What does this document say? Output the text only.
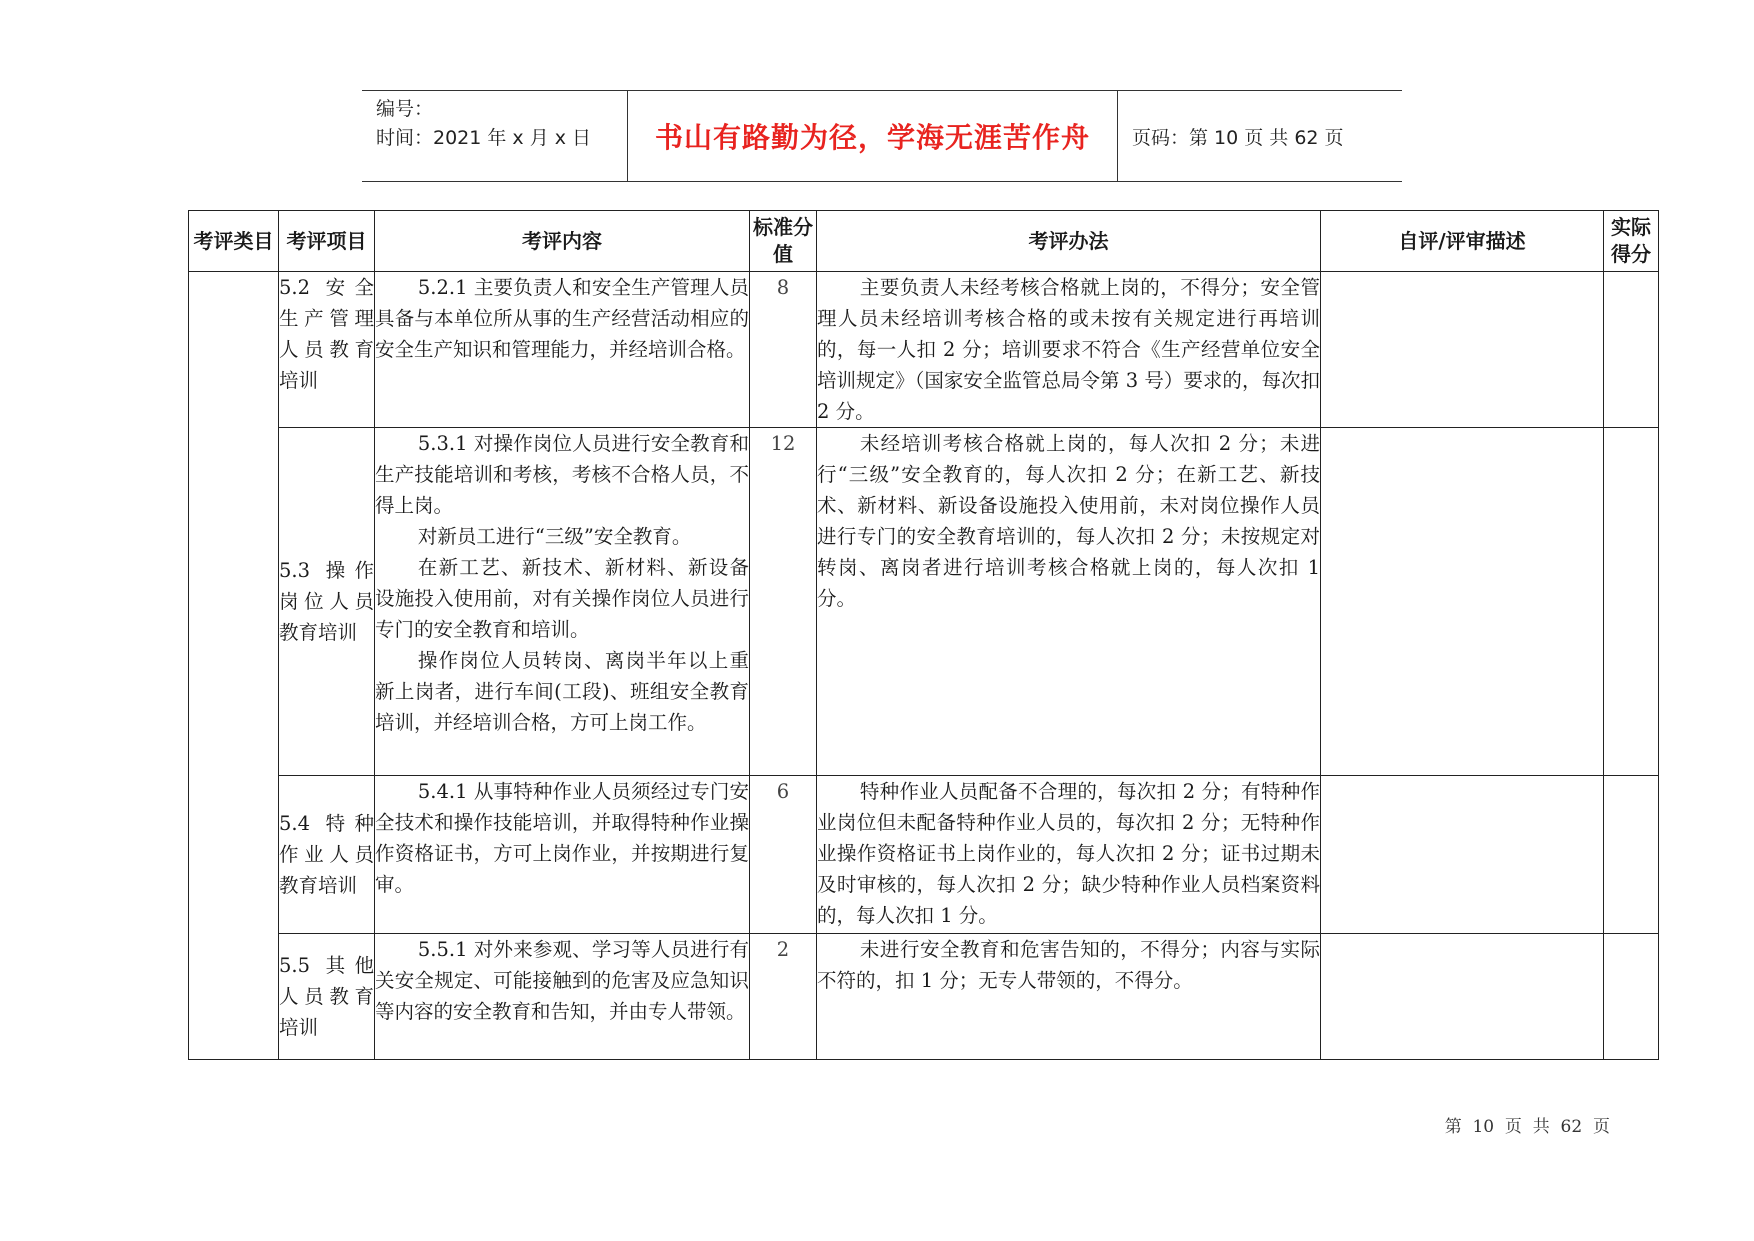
编号：
时间：2021 年 x 月 x 日	书山有路勤为径，学海无涯苦作舟	页码：第 10 页 共 62 页
考评类目	考评项目	考评内容	标准分值	考评办法	自评/评审描述	实际得分
	5.2 安全生产管理人员教育培训	5.2.1 主要负责人和安全生产管理人员具备与本单位所从事的生产经营活动相应的安全生产知识和管理能力，并经培训合格。	8	主要负责人未经考核合格就上岗的，不得分；安全管理人员未经培训考核合格的或未按有关规定进行再培训的，每一人扣 2 分；培训要求不符合《生产经营单位安全培训规定》（国家安全监管总局令第 3 号）要求的，每次扣 2 分。		

	5.3 操作岗位人员教育培训	5.3.1 对操作岗位人员进行安全教育和生产技能培训和考核，考核不合格人员，不得上岗。

对新员工进行“三级”安全教育。

在新工艺、新技术、新材料、新设备设施投入使用前，对有关操作岗位人员进行专门的安全教育和培训。

操作岗位人员转岗、离岗半年以上重新上岗者，进行车间(工段)、班组安全教育培训，并经培训合格，方可上岗工作。	12	未经培训考核合格就上岗的，每人次扣 2 分；未进行“三级”安全教育的，每人次扣 2 分；在新工艺、新技术、新材料、新设备设施投入使用前，未对岗位操作人员进行专门的安全教育培训的，每人次扣 2 分；未按规定对转岗、离岗者进行培训考核合格就上岗的，每人次扣 1 分。		

	5.4 特种作业人员教育培训	5.4.1 从事特种作业人员须经过专门安全技术和操作技能培训，并取得特种作业操作资格证书，方可上岗作业，并按期进行复审。	6	特种作业人员配备不合理的，每次扣 2 分；有特种作业岗位但未配备特种作业人员的，每次扣 2 分；无特种作业操作资格证书上岗作业的，每人次扣 2 分；证书过期未及时审核的，每人次扣 2 分；缺少特种作业人员档案资料的，每人次扣 1 分。		

	5.5 其他人员教育培训	5.5.1 对外来参观、学习等人员进行有关安全规定、可能接触到的危害及应急知识等内容的安全教育和告知，并由专人带领。	2	未进行安全教育和危害告知的，不得分；内容与实际不符的，扣 1 分；无专人带领的，不得分。		

第  10  页  共  62  页
